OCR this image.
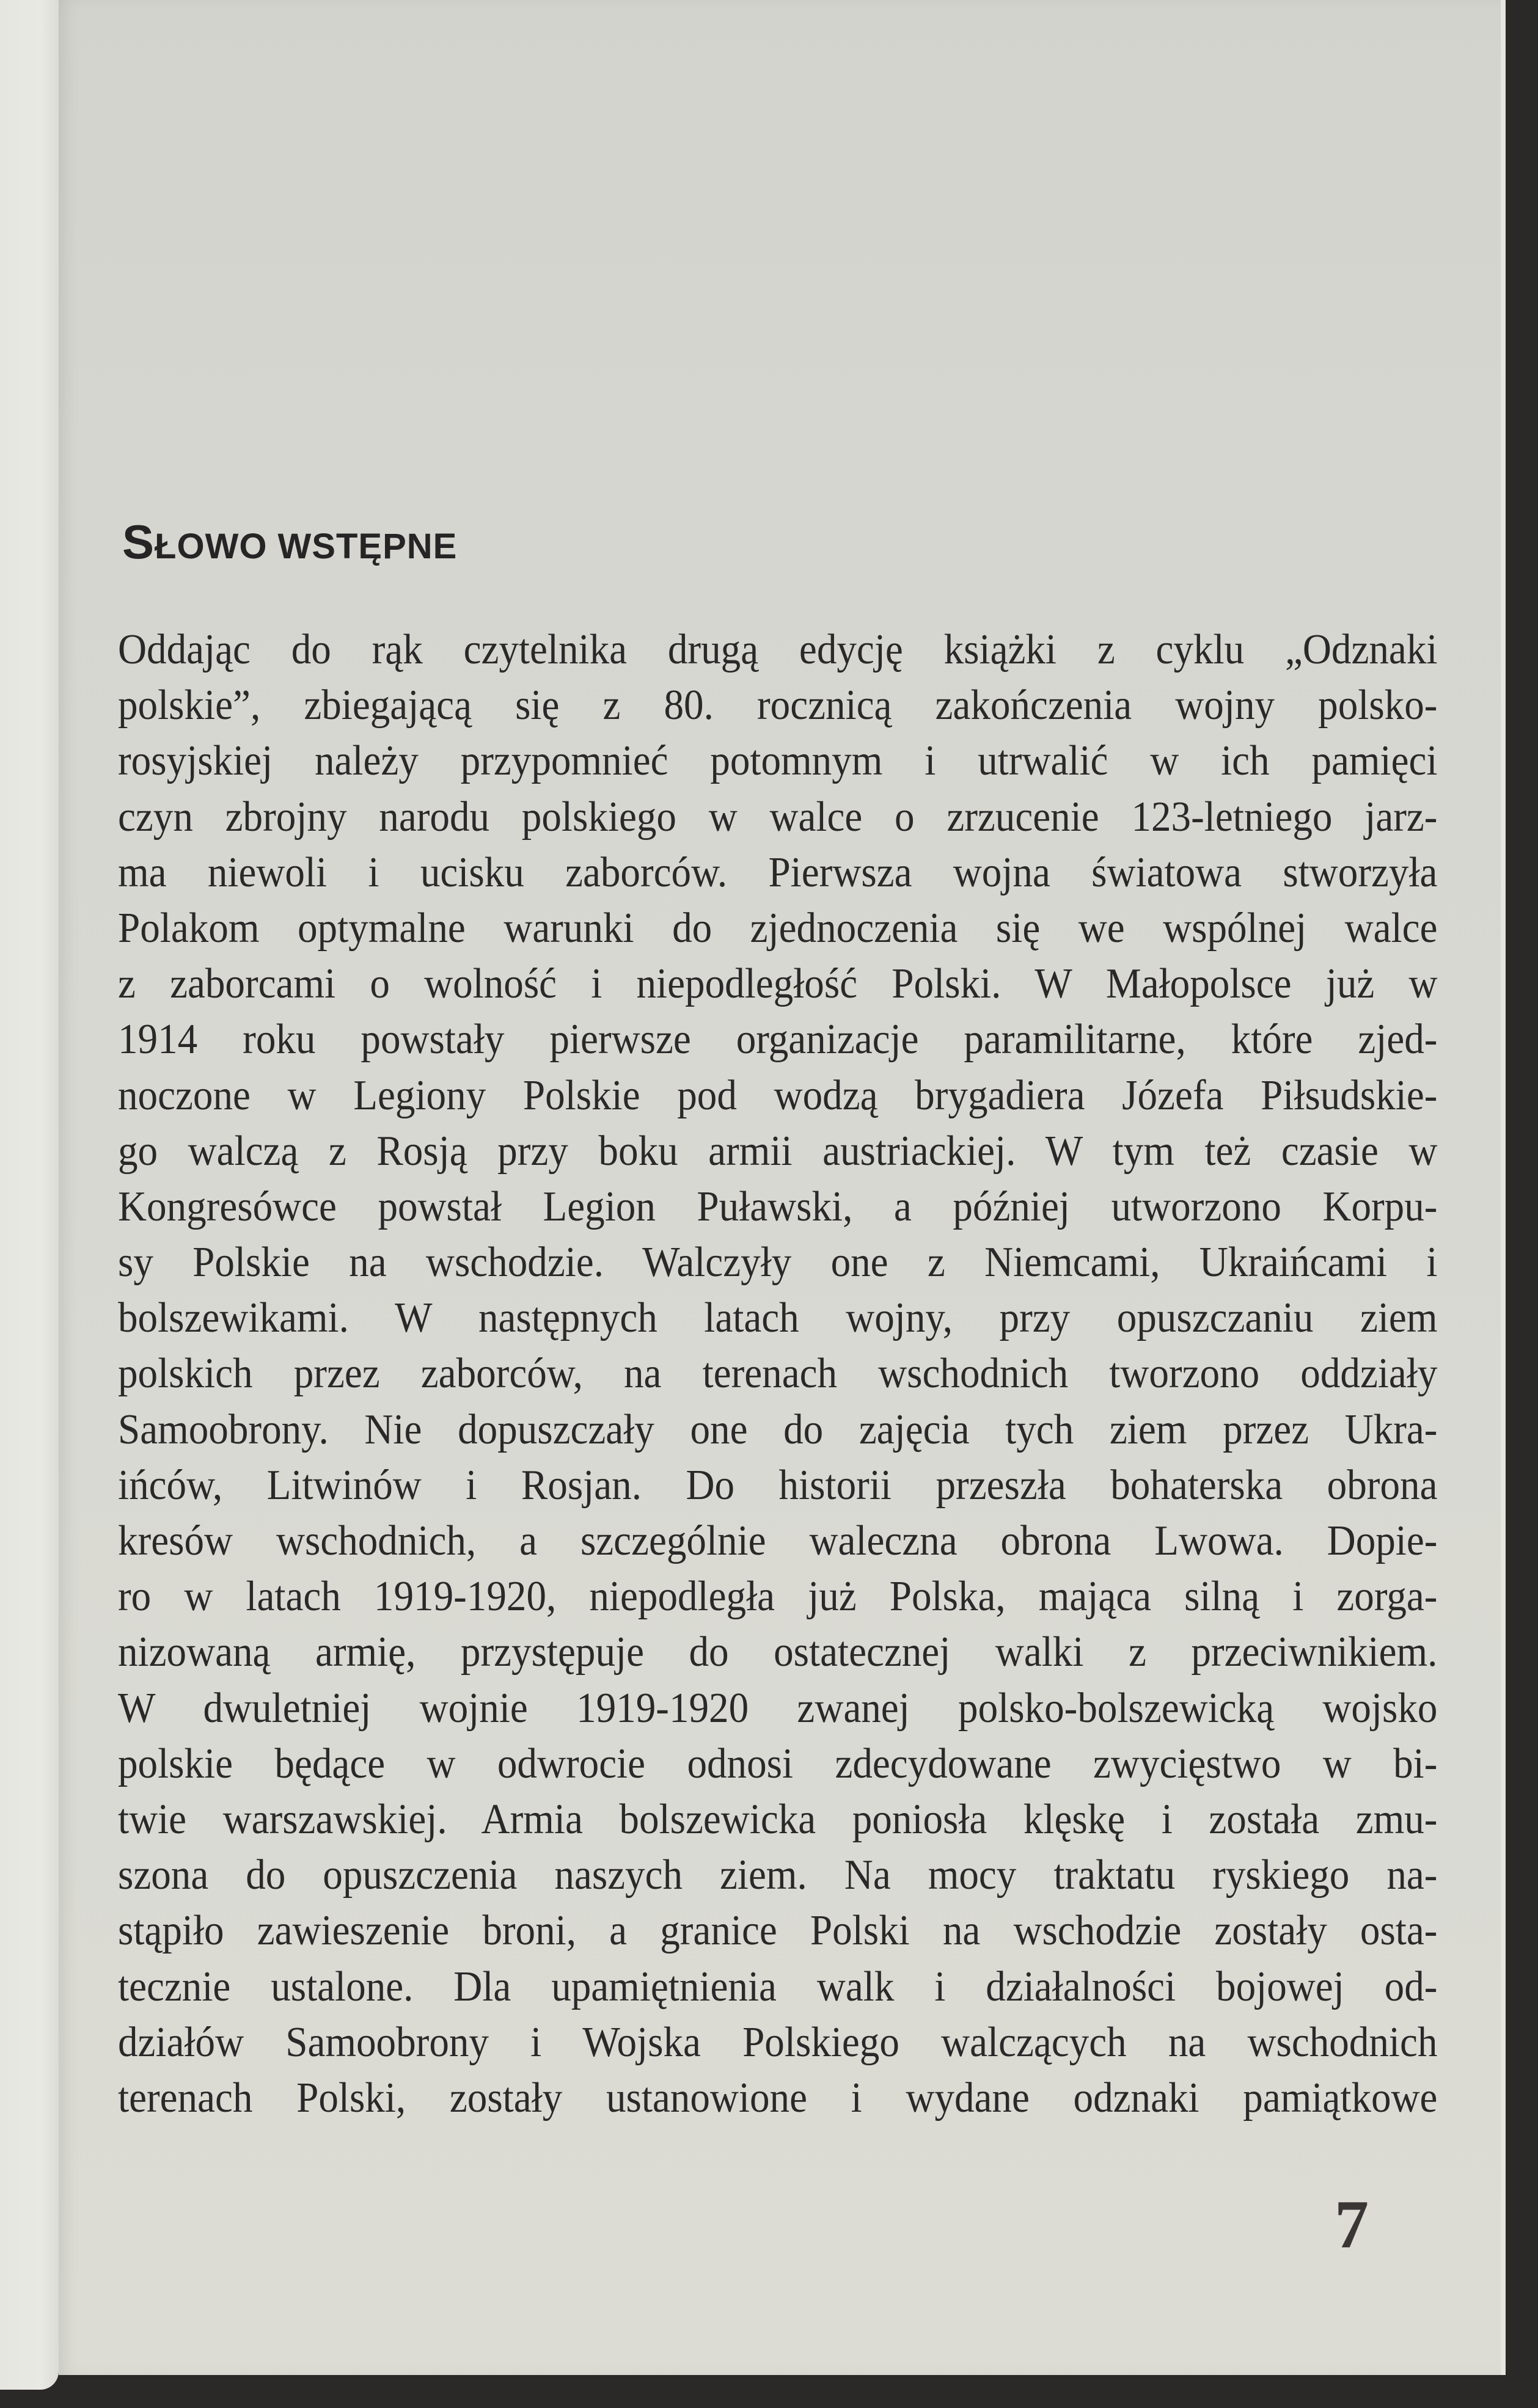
SŁOWO WSTĘPNE
Oddając do rąk czytelnika drugą edycję książki z cyklu „Odznaki
polskie”, zbiegającą się z 80. rocznicą zakończenia wojny polsko-
rosyjskiej należy przypomnieć potomnym i utrwalić w ich pamięci
czyn zbrojny narodu polskiego w walce o zrzucenie 123-letniego jarz-
ma niewoli i ucisku zaborców. Pierwsza wojna światowa stworzyła
Polakom optymalne warunki do zjednoczenia się we wspólnej walce
z zaborcami o wolność i niepodległość Polski. W Małopolsce już w
1914 roku powstały pierwsze organizacje paramilitarne, które zjed-
noczone w Legiony Polskie pod wodzą brygadiera Józefa Piłsudskie-
go walczą z Rosją przy boku armii austriackiej. W tym też czasie w
Kongresówce powstał Legion Puławski, a później utworzono Korpu-
sy Polskie na wschodzie. Walczyły one z Niemcami, Ukraińcami i
bolszewikami. W następnych latach wojny, przy opuszczaniu ziem
polskich przez zaborców, na terenach wschodnich tworzono oddziały
Samoobrony. Nie dopuszczały one do zajęcia tych ziem przez Ukra-
ińców, Litwinów i Rosjan. Do historii przeszła bohaterska obrona
kresów wschodnich, a szczególnie waleczna obrona Lwowa. Dopie-
ro w latach 1919-1920, niepodległa już Polska, mająca silną i zorga-
nizowaną armię, przystępuje do ostatecznej walki z przeciwnikiem.
W dwuletniej wojnie 1919-1920 zwanej polsko-bolszewicką wojsko
polskie będące w odwrocie odnosi zdecydowane zwycięstwo w bi-
twie warszawskiej. Armia bolszewicka poniosła klęskę i została zmu-
szona do opuszczenia naszych ziem. Na mocy traktatu ryskiego na-
stąpiło zawieszenie broni, a granice Polski na wschodzie zostały osta-
tecznie ustalone. Dla upamiętnienia walk i działalności bojowej od-
działów Samoobrony i Wojska Polskiego walczących na wschodnich
terenach Polski, zostały ustanowione i wydane odznaki pamiątkowe
7
